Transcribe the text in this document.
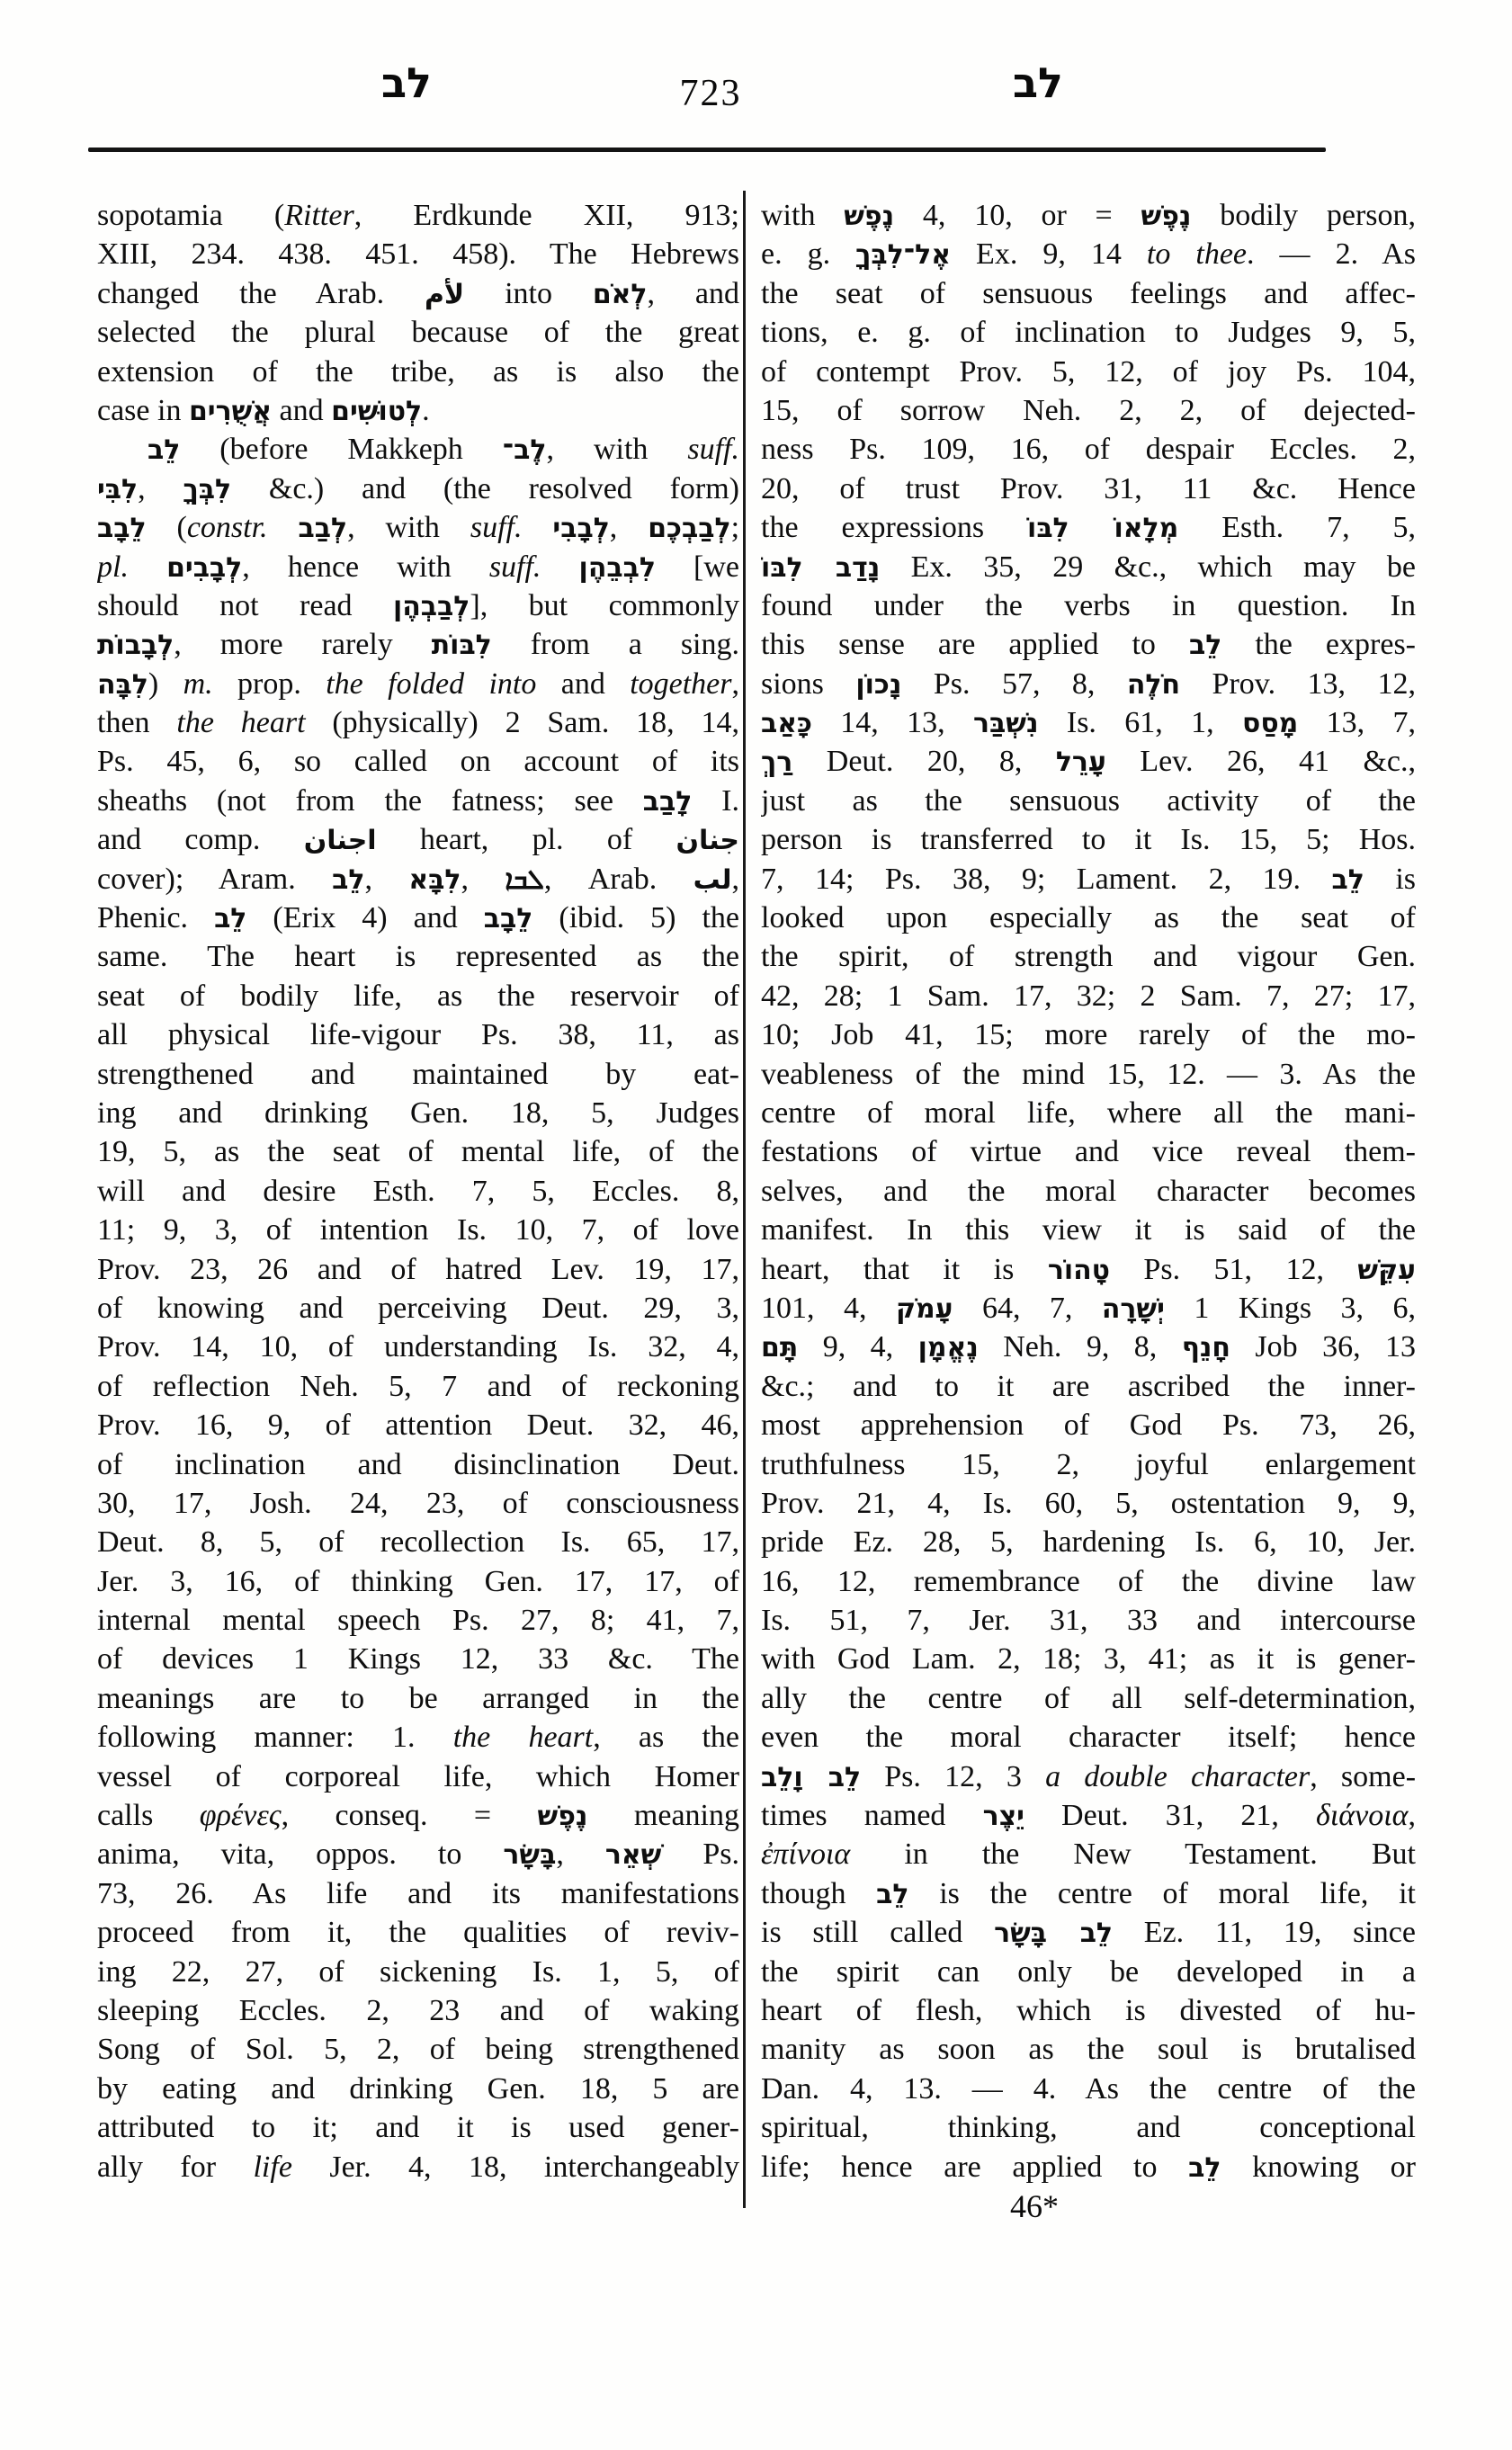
לב	723	לב
sopotamia (Ritter, Erdkunde XII, 913;
XIII, 234. 438. 451. 458). The Hebrews
changed the Arab. لأم into לְאֹם, and
selected the plural because of the great
extension of the tribe, as is also the
case in אֲשֻׁרִים and לְטוּשִׁים.
לֵב (before Makkeph לֶב־, with suff.
לִבִּי, לִבְּךָ &c.) and (the resolved form)
לֵבָב (constr. לְבַב, with suff. לְבָבִי, לְבַבְכֶם;
pl. לְבָבִים, hence with suff. לִבְבֵהֶן [we
should not read לְבַבְהֶן], but commonly
לְבָבוֹת, more rarely לִבּוֹת from a sing.
לִבָּה) m. prop. the folded into and together,
then the heart (physically) 2 Sam. 18, 14,
Ps. 45, 6, so called on account of its
sheaths (not from the fatness; see לָבַב I.
and comp. اجنان heart, pl. of جنان
cover); Aram. לֵב, לִבָּא, ܠܒܐ, Arab. لب,
Phenic. לֵב (Erix 4) and לֵבָב (ibid. 5) the
same. The heart is represented as the
seat of bodily life, as the reservoir of
all physical life-vigour Ps. 38, 11, as
strengthened and maintained by eat-
ing and drinking Gen. 18, 5, Judges
19, 5, as the seat of mental life, of the
will and desire Esth. 7, 5, Eccles. 8,
11; 9, 3, of intention Is. 10, 7, of love
Prov. 23, 26 and of hatred Lev. 19, 17,
of knowing and perceiving Deut. 29, 3,
Prov. 14, 10, of understanding Is. 32, 4,
of reflection Neh. 5, 7 and of reckoning
Prov. 16, 9, of attention Deut. 32, 46,
of inclination and disinclination Deut.
30, 17, Josh. 24, 23, of consciousness
Deut. 8, 5, of recollection Is. 65, 17,
Jer. 3, 16, of thinking Gen. 17, 17, of
internal mental speech Ps. 27, 8; 41, 7,
of devices 1 Kings 12, 33 &c. The
meanings are to be arranged in the
following manner: 1. the heart, as the
vessel of corporeal life, which Homer
calls φρένες, conseq. = נֶפֶשׁ meaning
anima, vita, oppos. to בָּשָׂר, שְׁאֵר Ps.
73, 26. As life and its manifestations
proceed from it, the qualities of reviv-
ing 22, 27, of sickening Is. 1, 5, of
sleeping Eccles. 2, 23 and of waking
Song of Sol. 5, 2, of being strengthened
by eating and drinking Gen. 18, 5 are
attributed to it; and it is used gener-
ally for life Jer. 4, 18, interchangeably
with נֶפֶשׁ 4, 10, or = נֶפֶשׁ bodily person,
e. g. אֶל־לִבְּךָ Ex. 9, 14 to thee. — 2. As
the seat of sensuous feelings and affec-
tions, e. g. of inclination to Judges 9, 5,
of contempt Prov. 5, 12, of joy Ps. 104,
15, of sorrow Neh. 2, 2, of dejected-
ness Ps. 109, 16, of despair Eccles. 2,
20, of trust Prov. 31, 11 &c. Hence
the expressions מְלָאוֹ לִבּוֹ Esth. 7, 5,
נָדַב לִבּוֹ Ex. 35, 29 &c., which may be
found under the verbs in question. In
this sense are applied to לֵב the expres-
sions נָכוֹן Ps. 57, 8, חֹלֶה Prov. 13, 12,
כָּאַב 14, 13, נִשְׁבַּר Is. 61, 1, מָסַס 13, 7,
רַךְ Deut. 20, 8, עָרֵל Lev. 26, 41 &c.,
just as the sensuous activity of the
person is transferred to it Is. 15, 5; Hos.
7, 14; Ps. 38, 9; Lament. 2, 19. לֵב is
looked upon especially as the seat of
the spirit, of strength and vigour Gen.
42, 28; 1 Sam. 17, 32; 2 Sam. 7, 27; 17,
10; Job 41, 15; more rarely of the mo-
veableness of the mind 15, 12. — 3. As the
centre of moral life, where all the mani-
festations of virtue and vice reveal them-
selves, and the moral character becomes
manifest. In this view it is said of the
heart, that it is טָהוֹר Ps. 51, 12, עִקֵּשׁ
101, 4, עָמֹק 64, 7, יְשָׁרָה 1 Kings 3, 6,
תָּם 9, 4, נֶאֱמָן Neh. 9, 8, חָנֵף Job 36, 13
&c.; and to it are ascribed the inner-
most apprehension of God Ps. 73, 26,
truthfulness 15, 2, joyful enlargement
Prov. 21, 4, Is. 60, 5, ostentation 9, 9,
pride Ez. 28, 5, hardening Is. 6, 10, Jer.
16, 12, remembrance of the divine law
Is. 51, 7, Jer. 31, 33 and intercourse
with God Lam. 2, 18; 3, 41; as it is gener-
ally the centre of all self-determination,
even the moral character itself; hence
לֵב וָלֵב Ps. 12, 3 a double character, some-
times named יֵצֶר Deut. 31, 21, διάνοια,
ἐπίνοια in the New Testament. But
though לֵב is the centre of moral life, it
is still called לֵב בָּשָׂר Ez. 11, 19, since
the spirit can only be developed in a
heart of flesh, which is divested of hu-
manity as soon as the soul is brutalised
Dan. 4, 13. — 4. As the centre of the
spiritual, thinking, and conceptional
life; hence are applied to לֵב knowing or
46*
